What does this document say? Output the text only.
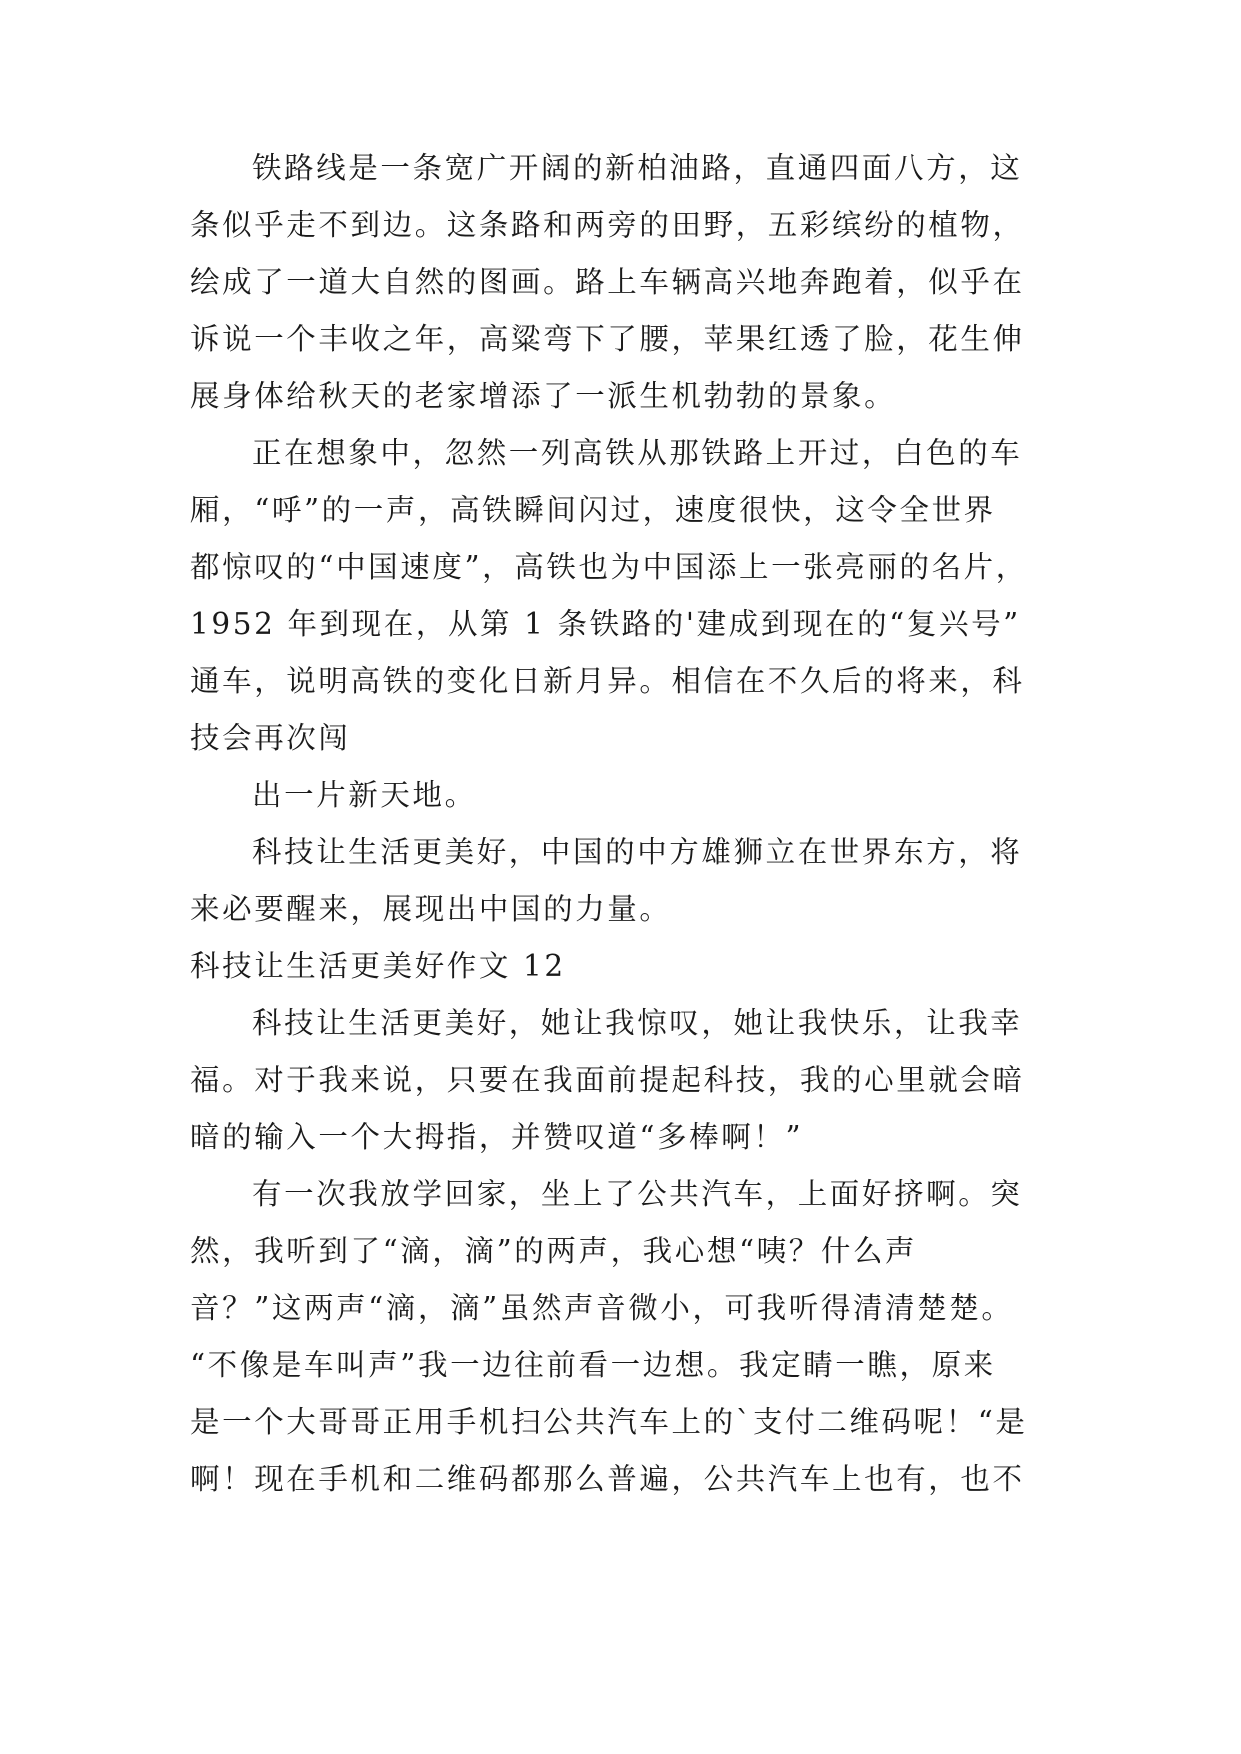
铁路线是一条宽广开阔的新柏油路，直通四面八方，这
条似乎走不到边。这条路和两旁的田野，五彩缤纷的植物，
绘成了一道大自然的图画。路上车辆高兴地奔跑着，似乎在
诉说一个丰收之年，高粱弯下了腰，苹果红透了脸，花生伸
展身体给秋天的老家增添了一派生机勃勃的景象。
正在想象中，忽然一列高铁从那铁路上开过，白色的车
厢，“呼”的一声，高铁瞬间闪过，速度很快，这令全世界
都惊叹的“中国速度”，高铁也为中国添上一张亮丽的名片，
1952 年到现在，从第 1 条铁路的'建成到现在的“复兴号”
通车，说明高铁的变化日新月异。相信在不久后的将来，科
技会再次闯
出一片新天地。
科技让生活更美好，中国的中方雄狮立在世界东方，将
来必要醒来，展现出中国的力量。
科技让生活更美好作文 12
科技让生活更美好，她让我惊叹，她让我快乐，让我幸
福。对于我来说，只要在我面前提起科技，我的心里就会暗
暗的输入一个大拇指，并赞叹道“多棒啊！”
有一次我放学回家，坐上了公共汽车，上面好挤啊。突
然，我听到了“滴，滴”的两声，我心想“咦？什么声
音？”这两声“滴，滴”虽然声音微小，可我听得清清楚楚。
“不像是车叫声”我一边往前看一边想。我定睛一瞧，原来
是一个大哥哥正用手机扫公共汽车上的`支付二维码呢！“是
啊！现在手机和二维码都那么普遍，公共汽车上也有，也不
